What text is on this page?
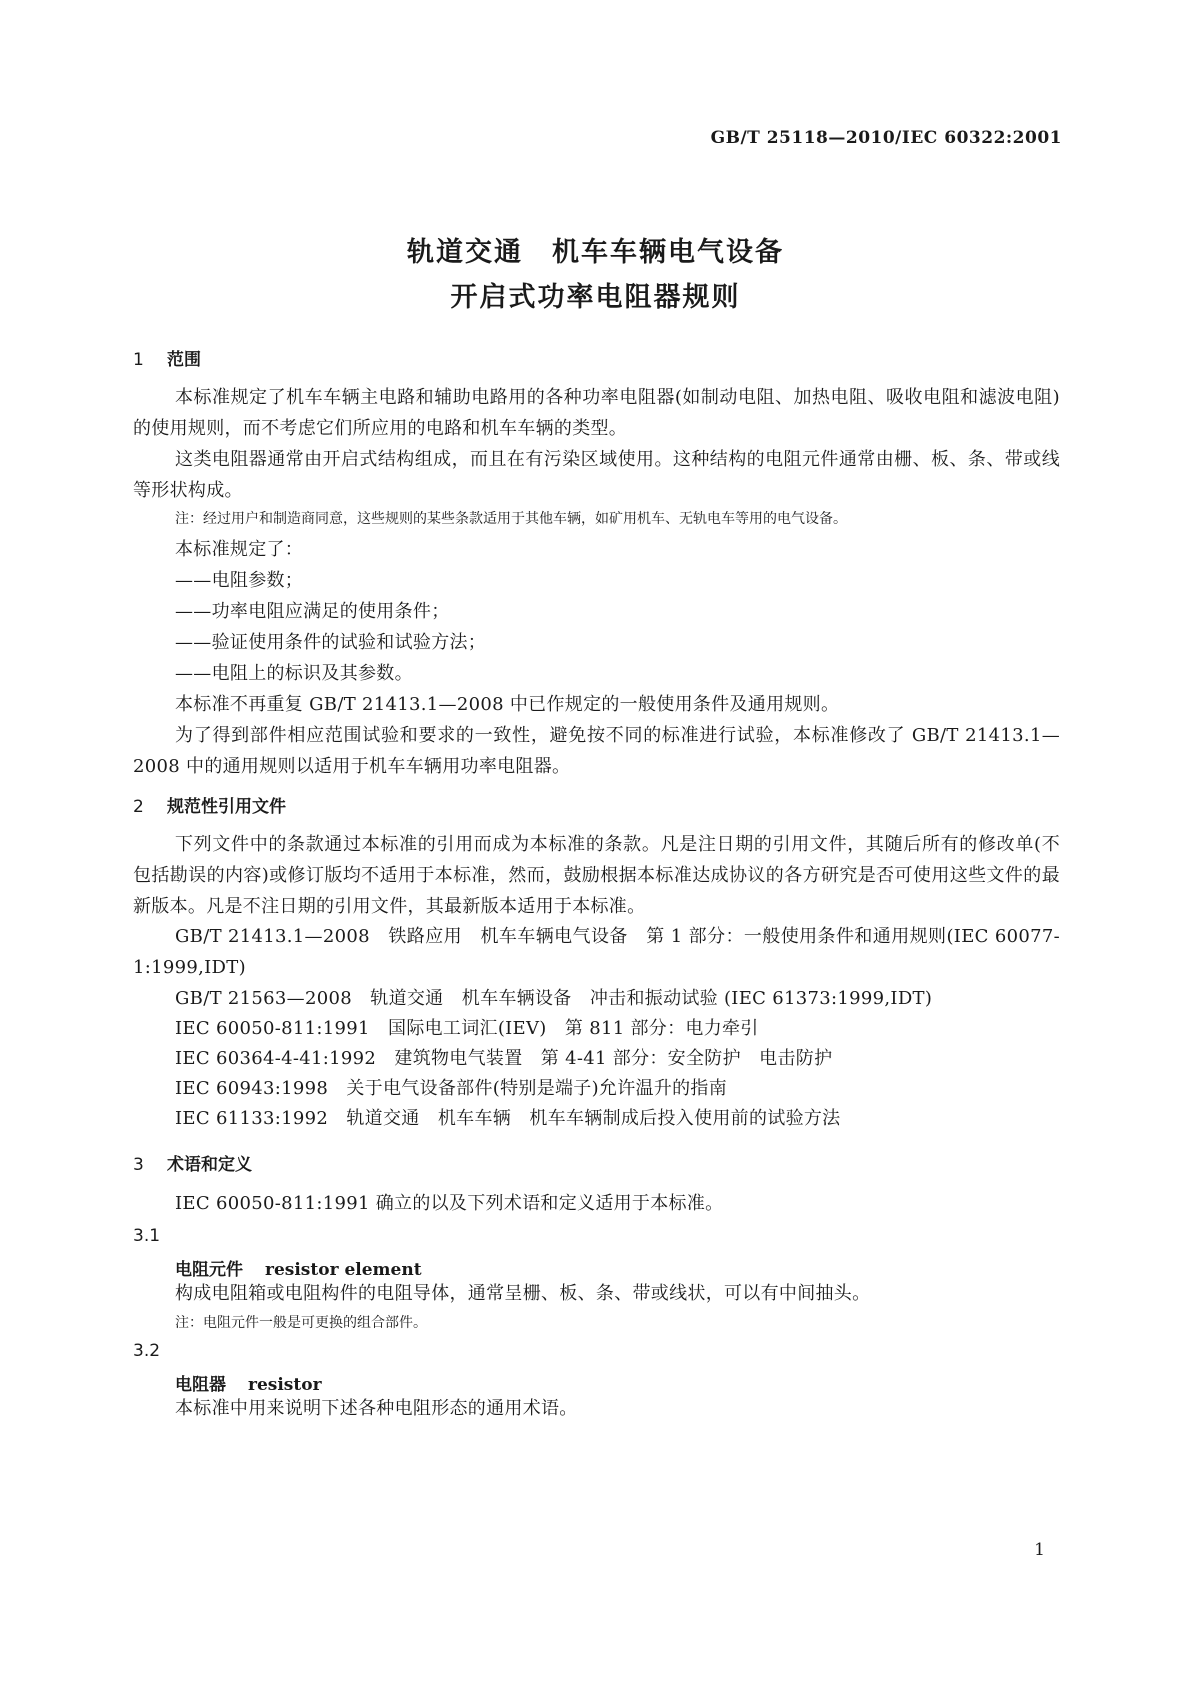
GB/T 25118—2010/IEC 60322:2001
轨道交通　机车车辆电气设备
开启式功率电阻器规则
1 范围
本标准规定了机车车辆主电路和辅助电路用的各种功率电阻器(如制动电阻、加热电阻、吸收电阻和滤波电阻)的使用规则，而不考虑它们所应用的电路和机车车辆的类型。
这类电阻器通常由开启式结构组成，而且在有污染区域使用。这种结构的电阻元件通常由栅、板、条、带或线等形状构成。
注：经过用户和制造商同意，这些规则的某些条款适用于其他车辆，如矿用机车、无轨电车等用的电气设备。
本标准规定了：
——电阻参数；
——功率电阻应满足的使用条件；
——验证使用条件的试验和试验方法；
——电阻上的标识及其参数。
本标准不再重复 GB/T 21413.1—2008 中已作规定的一般使用条件及通用规则。
为了得到部件相应范围试验和要求的一致性，避免按不同的标准进行试验，本标准修改了 GB/T 21413.1—2008 中的通用规则以适用于机车车辆用功率电阻器。
2 规范性引用文件
下列文件中的条款通过本标准的引用而成为本标准的条款。凡是注日期的引用文件，其随后所有的修改单(不包括勘误的内容)或修订版均不适用于本标准，然而，鼓励根据本标准达成协议的各方研究是否可使用这些文件的最新版本。凡是不注日期的引用文件，其最新版本适用于本标准。
GB/T 21413.1—2008　铁路应用　机车车辆电气设备　第 1 部分：一般使用条件和通用规则(IEC 60077-1:1999,IDT)
GB/T 21563—2008　轨道交通　机车车辆设备　冲击和振动试验 (IEC 61373:1999,IDT)
IEC 60050-811:1991　国际电工词汇(IEV)　第 811 部分：电力牵引
IEC 60364-4-41:1992　建筑物电气装置　第 4-41 部分：安全防护　电击防护
IEC 60943:1998　关于电气设备部件(特别是端子)允许温升的指南
IEC 61133:1992　轨道交通　机车车辆　机车车辆制成后投入使用前的试验方法
3 术语和定义
IEC 60050-811:1991 确立的以及下列术语和定义适用于本标准。
3.1
电阻元件 resistor element
构成电阻箱或电阻构件的电阻导体，通常呈栅、板、条、带或线状，可以有中间抽头。
注：电阻元件一般是可更换的组合部件。
3.2
电阻器 resistor
本标准中用来说明下述各种电阻形态的通用术语。
1
